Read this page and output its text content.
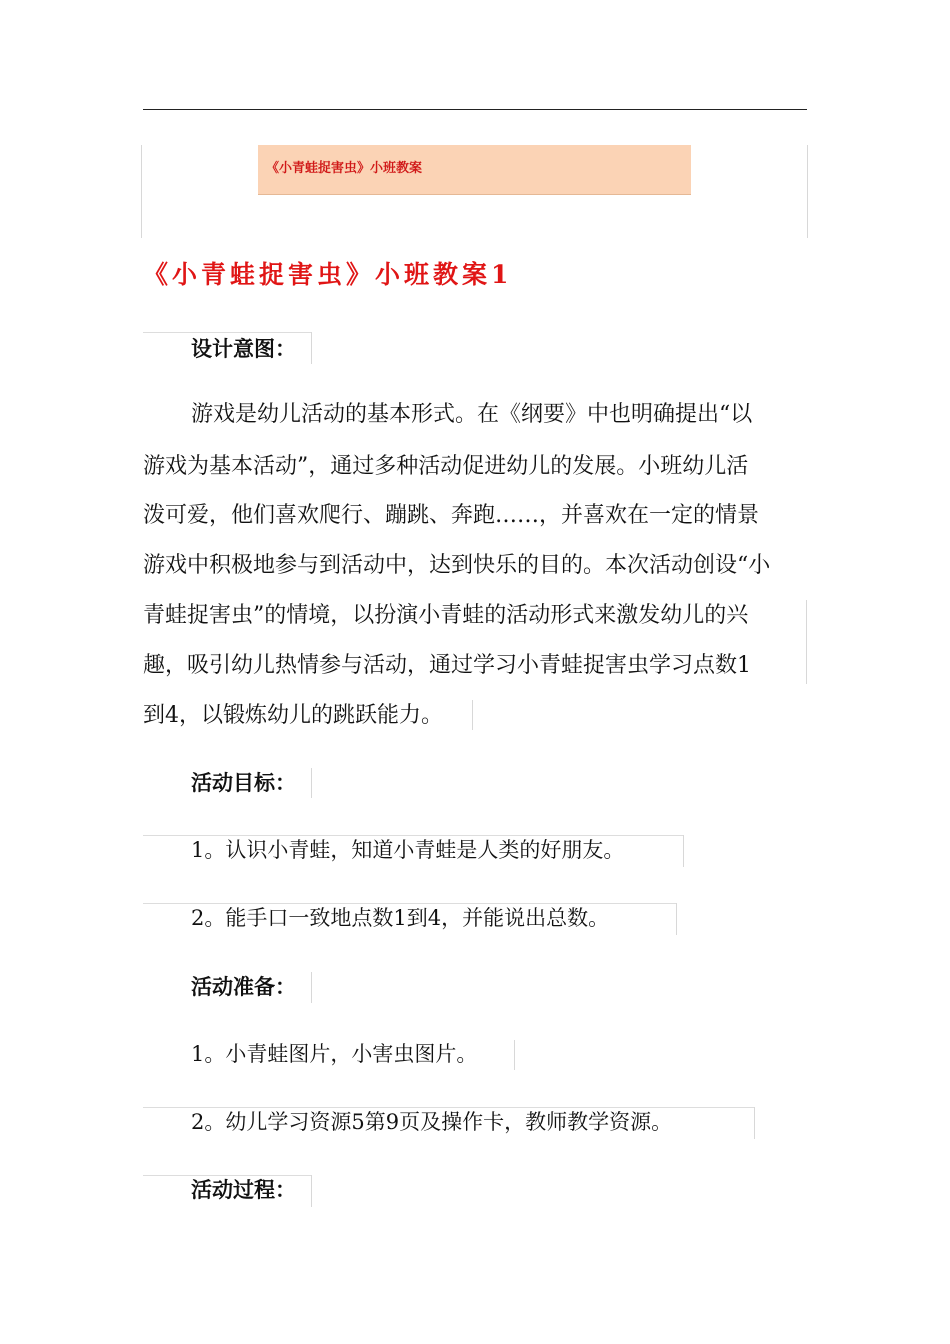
《小青蛙捉害虫》小班教案
《小青蛙捉害虫》小班教案1
设计意图：
游戏是幼儿活动的基本形式。在《纲要》中也明确提出“以
游戏为基本活动”，通过多种活动促进幼儿的发展。小班幼儿活
泼可爱，他们喜欢爬行、蹦跳、奔跑……，并喜欢在一定的情景
游戏中积极地参与到活动中，达到快乐的目的。本次活动创设“小
青蛙捉害虫”的情境，以扮演小青蛙的活动形式来激发幼儿的兴
趣，吸引幼儿热情参与活动，通过学习小青蛙捉害虫学习点数1
到4，以锻炼幼儿的跳跃能力。
活动目标：
1。认识小青蛙，知道小青蛙是人类的好朋友。
2。能手口一致地点数1到4，并能说出总数。
活动准备：
1。小青蛙图片，小害虫图片。
2。幼儿学习资源5第9页及操作卡，教师教学资源。
活动过程：
